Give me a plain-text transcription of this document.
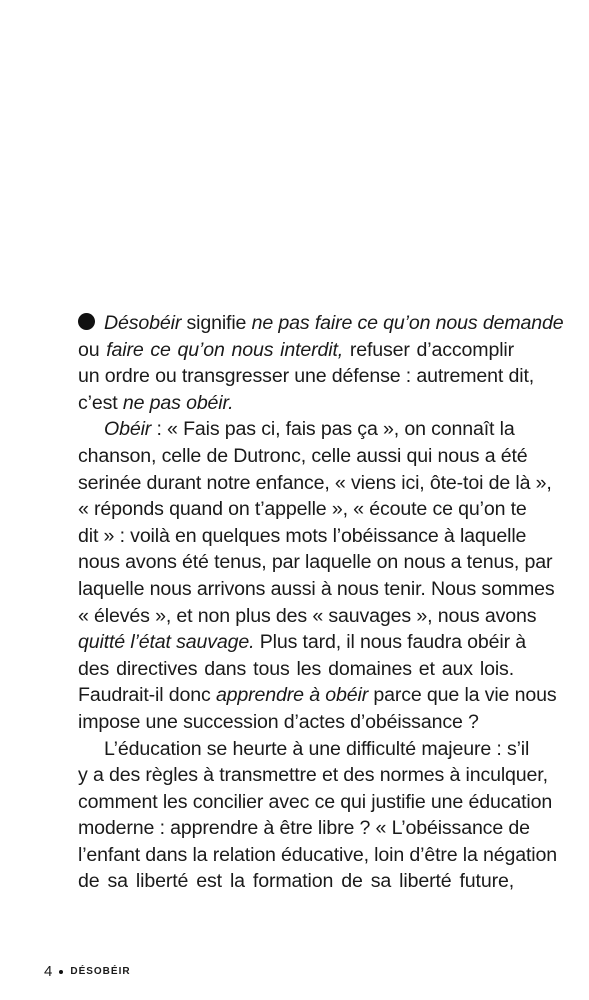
Désobéir signifie ne pas faire ce qu’on nous demande
ou faire ce qu’on nous interdit, refuser d’accomplir
un ordre ou transgresser une défense : autrement dit,
c’est ne pas obéir.
Obéir : « Fais pas ci, fais pas ça », on connaît la
chanson, celle de Dutronc, celle aussi qui nous a été
serinée durant notre enfance, « viens ici, ôte-toi de là »,
« réponds quand on t’appelle », « écoute ce qu’on te
dit » : voilà en quelques mots l’obéissance à laquelle
nous avons été tenus, par laquelle on nous a tenus, par
laquelle nous arrivons aussi à nous tenir. Nous sommes
« élevés », et non plus des « sauvages », nous avons
quitté l’état sauvage. Plus tard, il nous faudra obéir à
des directives dans tous les domaines et aux lois.
Faudrait-il donc apprendre à obéir parce que la vie nous
impose une succession d’actes d’obéissance ?
L’éducation se heurte à une difficulté majeure : s’il
y a des règles à transmettre et des normes à inculquer,
comment les concilier avec ce qui justifie une éducation
moderne : apprendre à être libre ? « L’obéissance de
l’enfant dans la relation éducative, loin d’être la négation
de sa liberté est la formation de sa liberté future,
4 DÉSOBÉIR
